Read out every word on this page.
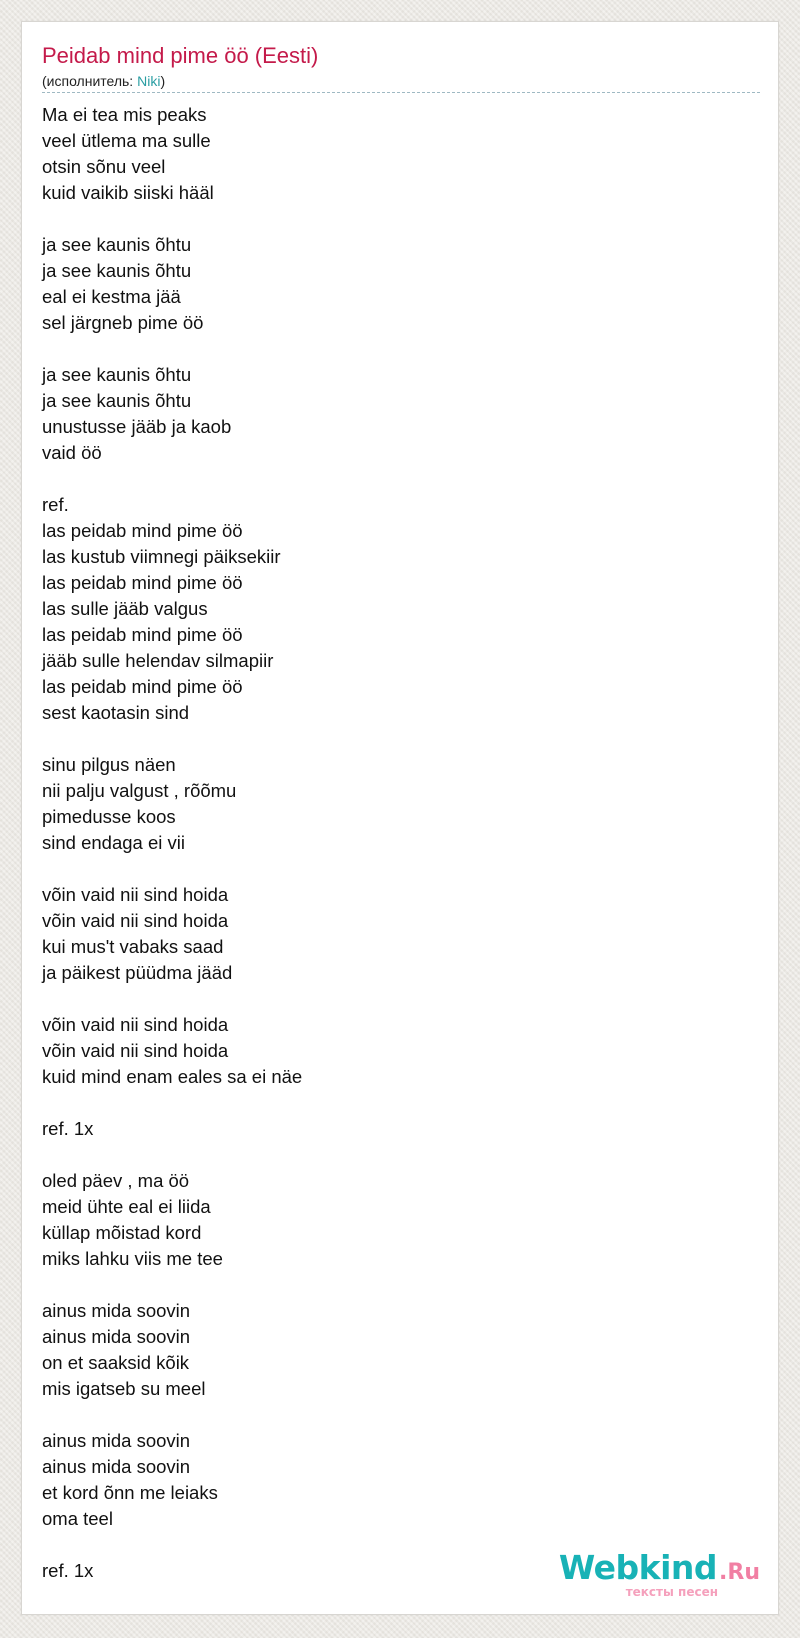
Peidab mind pime öö (Eesti)
(исполнитель: Niki)
Ma ei tea mis peaks
veel ütlema ma sulle
otsin sõnu veel
kuid vaikib siiski hääl
ja see kaunis õhtu
ja see kaunis õhtu
eal ei kestma jää
sel järgneb pime öö
ja see kaunis õhtu
ja see kaunis õhtu
unustusse jääb ja kaob
vaid öö
ref.
las peidab mind pime öö
las kustub viimnegi päiksekiir
las peidab mind pime öö
las sulle jääb valgus
las peidab mind pime öö
jääb sulle helendav silmapiir
las peidab mind pime öö
sest kaotasin sind
sinu pilgus näen
nii palju valgust , rõõmu
pimedusse koos
sind endaga ei vii
võin vaid nii sind hoida
võin vaid nii sind hoida
kui mus't vabaks saad
ja päikest püüdma jääd
võin vaid nii sind hoida
võin vaid nii sind hoida
kuid mind enam eales sa ei näe
ref. 1x
oled päev , ma öö
meid ühte eal ei liida
küllap mõistad kord
miks lahku viis me tee
ainus mida soovin
ainus mida soovin
on et saaksid kõik
mis igatseb su meel
ainus mida soovin
ainus mida soovin
et kord õnn me leiaks
oma teel
ref. 1x	Webkind.Ru
тексты песен
